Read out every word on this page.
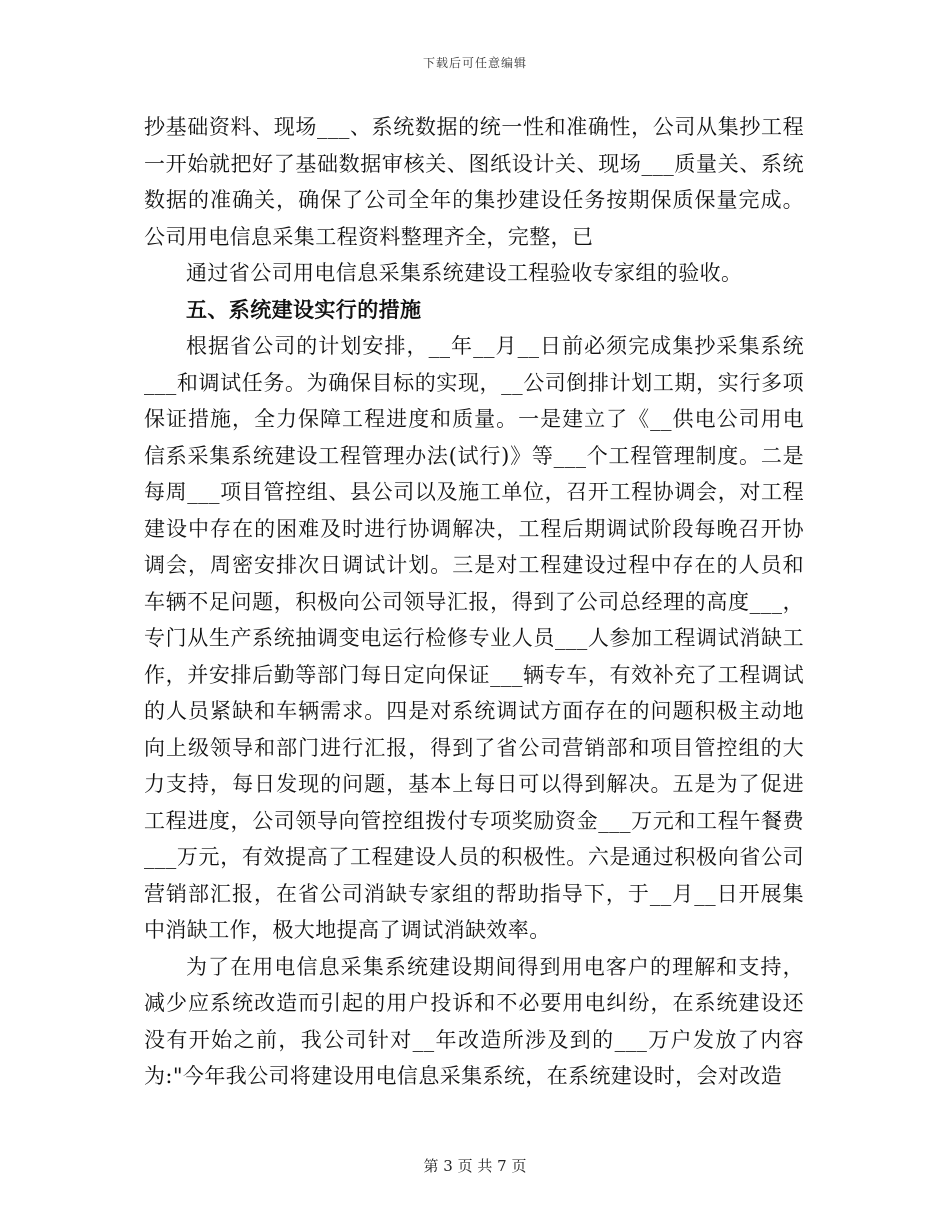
下载后可任意编辑

抄基础资料、现场___、系统数据的统一性和准确性，公司从集抄工程一开始就把好了基础数据审核关、图纸设计关、现场___质量关、系统数据的准确关，确保了公司全年的集抄建设任务按期保质保量完成。公司用电信息采集工程资料整理齐全，完整，已

通过省公司用电信息采集系统建设工程验收专家组的验收。

五、系统建设实行的措施

根据省公司的计划安排，__年__月__日前必须完成集抄采集系统___和调试任务。为确保目标的实现，__公司倒排计划工期，实行多项保证措施，全力保障工程进度和质量。一是建立了《__供电公司用电信系采集系统建设工程管理办法(试行)》等___个工程管理制度。二是每周___项目管控组、县公司以及施工单位，召开工程协调会，对工程建设中存在的困难及时进行协调解决，工程后期调试阶段每晚召开协调会，周密安排次日调试计划。三是对工程建设过程中存在的人员和车辆不足问题，积极向公司领导汇报，得到了公司总经理的高度___，专门从生产系统抽调变电运行检修专业人员___人参加工程调试消缺工作，并安排后勤等部门每日定向保证___辆专车，有效补充了工程调试的人员紧缺和车辆需求。四是对系统调试方面存在的问题积极主动地向上级领导和部门进行汇报，得到了省公司营销部和项目管控组的大力支持，每日发现的问题，基本上每日可以得到解决。五是为了促进工程进度，公司领导向管控组拨付专项奖励资金___万元和工程午餐费___万元，有效提高了工程建设人员的积极性。六是通过积极向省公司营销部汇报，在省公司消缺专家组的帮助指导下，于__月__日开展集中消缺工作，极大地提高了调试消缺效率。

为了在用电信息采集系统建设期间得到用电客户的理解和支持，减少应系统改造而引起的用户投诉和不必要用电纠纷，在系统建设还没有开始之前，我公司针对__年改造所涉及到的___万户发放了内容为:"今年我公司将建设用电信息采集系统，在系统建设时，会对改造

第 3 页 共 7 页
